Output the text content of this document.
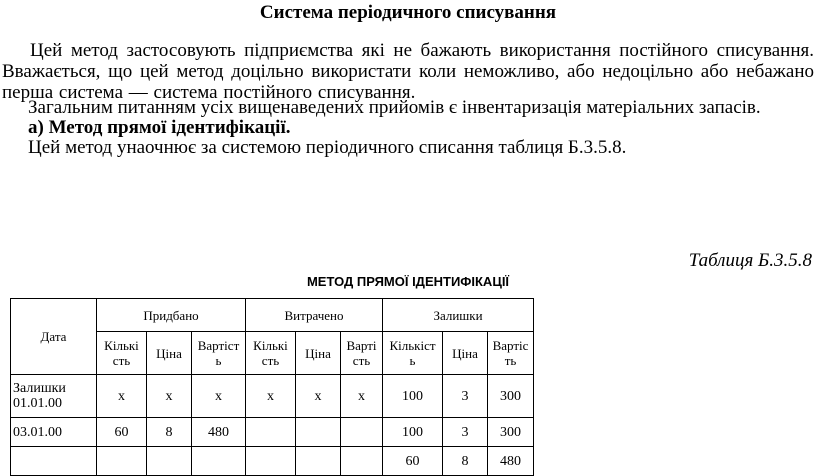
Система періодичного списування
Цей метод застосовують підприємства які не бажають використання постійного списування. Вважається, що цей метод доцільно використати коли неможливо, або недоцільно або небажано перша система — система постійного списування.
Загальним питанням усіх вищенаведених прийомів є інвентаризація матеріальних запасів.
а) Метод прямої ідентифікації.
Цей метод унаочнює за системою періодичного списання таблиця Б.3.5.8.
Таблиця Б.3.5.8
МЕТОД ПРЯМОЇ ІДЕНТИФІКАЦІЇ
Дата	Придбано			Витрачено			Залишки		
	Кількі сть	Ціна	Вартіст ь	Кількі сть	Ціна	Варті сть	Кількіст ь	Ціна	Вартіс ть
Залишки 01.01.00	х	х	х	х	х	х	100	3	300
03.01.00	60	8	480				100	3	300
							60	8	480
